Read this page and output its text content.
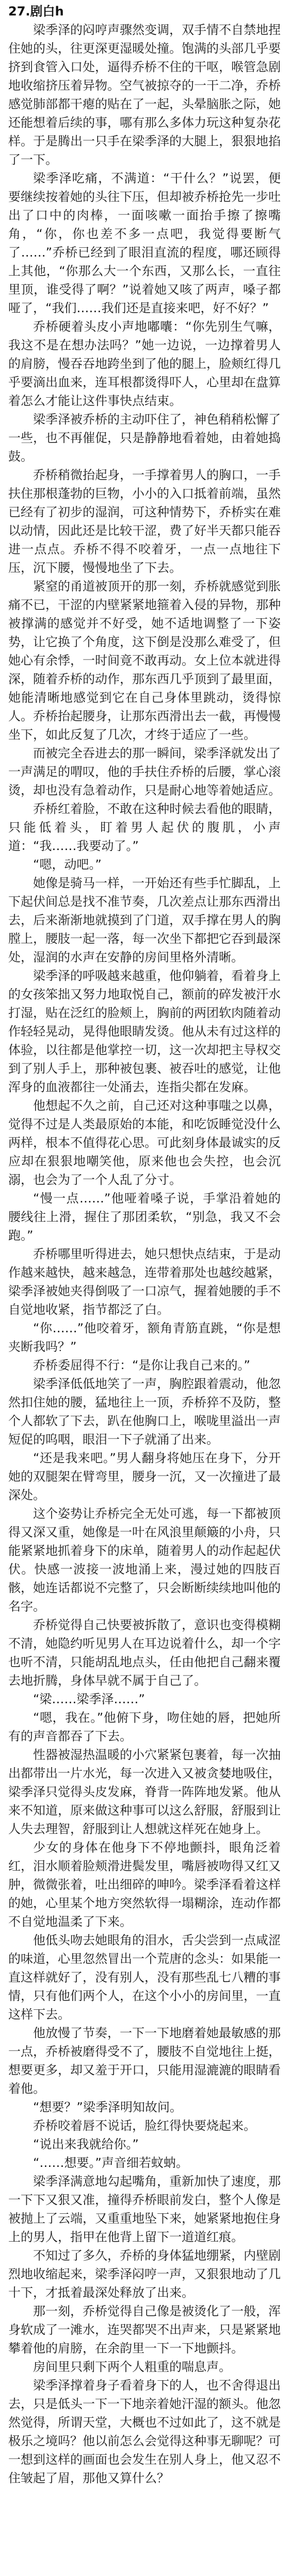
27.剧白h

梁季泽的闷哼声骤然变调，双手情不自禁地捏住她的头，往更深更湿暖处撞。饱满的头部几乎要挤到食管入口处，逼得乔桥不住的干呕，喉管急剧地收缩挤压着异物。空气被掠夺的一干二净，乔桥感觉肺部都干瘪的贴在了一起，头晕脑胀之际，她还能想着后续的事，哪有那么多体力玩这种复杂花样。于是腾出一只手在梁季泽的大腿上，狠狠地掐了一下。

梁季泽吃痛，不满道：“干什么？”说罢，便要继续按着她的头往下压，但却被乔桥抢先一步吐出了口中的肉棒，一面咳嗽一面抬手擦了擦嘴角，“你，你也差不多一点吧，我觉得要断气了……”乔桥已经到了眼泪直流的程度，哪还顾得上其他，“你那么大一个东西，又那么长，一直往里顶，谁受得了啊？”说着她又咳了两声，嗓子都哑了，“我们……我们还是直接来吧，好不好？”

乔桥硬着头皮小声地嘟囔：“你先别生气嘛，我这不是在想办法吗？”她一边说，一边撑着男人的肩膀，慢吞吞地跨坐到了他的腿上，脸颊红得几乎要滴出血来，连耳根都烫得吓人，心里却在盘算着怎么才能让这件事快点结束。

梁季泽被乔桥的主动吓住了，神色稍稍松懈了一些，也不再催促，只是静静地看着她，由着她捣鼓。

乔桥稍微抬起身，一手撑着男人的胸口，一手扶住那根蓬勃的巨物，小小的入口抵着前端，虽然已经有了初步的湿润，可这种情势下，乔桥实在难以动情，因此还是比较干涩，费了好半天都只能吞进一点点。乔桥不得不咬着牙，一点一点地往下压，沉下腰，慢慢地坐了下去。

紧窒的甬道被顶开的那一刻，乔桥就感觉到胀痛不已，干涩的内壁紧紧地箍着入侵的异物，那种被撑满的感觉并不好受，她不适地调整了一下姿势，让它换了个角度，这下倒是没那么难受了，但她心有余悸，一时间竟不敢再动。女上位本就进得深，随着乔桥的动作，那东西几乎顶到了最里面，她能清晰地感觉到它在自己身体里跳动，烫得惊人。乔桥抬起腰身，让那东西滑出去一截，再慢慢坐下，如此反复了几次，才终于适应了一些。

而被完全吞进去的那一瞬间，梁季泽就发出了一声满足的喟叹，他的手扶住乔桥的后腰，掌心滚烫，却也没有急着动作，只是耐心地等着她适应。

乔桥红着脸，不敢在这种时候去看他的眼睛，只能低着头，盯着男人起伏的腹肌，小声道：“我……我要动了。”

“嗯，动吧。”

她像是骑马一样，一开始还有些手忙脚乱，上下起伏间总是找不准节奏，几次差点让那东西滑出去，后来渐渐地就摸到了门道，双手撑在男人的胸膛上，腰肢一起一落，每一次坐下都把它吞到最深处，湿润的水声在安静的房间里格外清晰。

梁季泽的呼吸越来越重，他仰躺着，看着身上的女孩笨拙又努力地取悦自己，额前的碎发被汗水打湿，贴在泛红的脸颊上，胸前的两团软肉随着动作轻轻晃动，晃得他眼睛发烫。他从未有过这样的体验，以往都是他掌控一切，这一次却把主导权交到了别人手上，那种被包裹、被吞吐的感觉，让他浑身的血液都往一处涌去，连指尖都在发麻。

他想起不久之前，自己还对这种事嗤之以鼻，觉得不过是人类最原始的本能，和吃饭睡觉没什么两样，根本不值得花心思。可此刻身体最诚实的反应却在狠狠地嘲笑他，原来他也会失控，也会沉溺，也会为了一个人乱了分寸。

“慢一点……”他哑着嗓子说，手掌沿着她的腰线往上滑，握住了那团柔软，“别急，我又不会跑。”

乔桥哪里听得进去，她只想快点结束，于是动作越来越快，越来越急，连带着那处也越绞越紧，梁季泽被她夹得倒吸了一口凉气，握着她腰的手不自觉地收紧，指节都泛了白。

“你……”他咬着牙，额角青筋直跳，“你是想夹断我吗？”

乔桥委屈得不行：“是你让我自己来的。”

梁季泽低低地笑了一声，胸腔跟着震动，他忽然扣住她的腰，猛地往上一顶，乔桥猝不及防，整个人都软了下去，趴在他胸口上，喉咙里溢出一声短促的呜咽，眼泪一下子就涌了出来。

“还是我来吧。”男人翻身将她压在身下，分开她的双腿架在臂弯里，腰身一沉，又一次撞进了最深处。

这个姿势让乔桥完全无处可逃，每一下都被顶得又深又重，她像是一叶在风浪里颠簸的小舟，只能紧紧地抓着身下的床单，随着男人的动作起起伏伏。快感一波接一波地涌上来，漫过她的四肢百骸，她连话都说不完整了，只会断断续续地叫他的名字。

乔桥觉得自己快要被拆散了，意识也变得模糊不清，她隐约听见男人在耳边说着什么，却一个字也听不清，只能胡乱地点头，任由他把自己翻来覆去地折腾，身体早就不属于自己了。

“梁……梁季泽……”

“嗯，我在。”他俯下身，吻住她的唇，把她所有的声音都吞了下去。

性器被湿热温暖的小穴紧紧包裹着，每一次抽出都带出一片水光，每一次进入又被贪婪地吸住，梁季泽只觉得头皮发麻，脊背一阵阵地发紧。他从来不知道，原来做这种事可以这么舒服，舒服到让人失去理智，舒服到让人想就这样死在她身上。

少女的身体在他身下不停地颤抖，眼角泛着红，泪水顺着脸颊滑进鬓发里，嘴唇被吻得又红又肿，微微张着，吐出细碎的呻吟。梁季泽看着这样的她，心里某个地方突然软得一塌糊涂，连动作都不自觉地温柔了下来。

他低头吻去她眼角的泪水，舌尖尝到一点咸涩的味道，心里忽然冒出一个荒唐的念头：如果能一直这样就好了，没有别人，没有那些乱七八糟的事情，只有他们两个人，在这个小小的房间里，一直这样下去。

他放慢了节奏，一下一下地磨着她最敏感的那一点，乔桥被磨得受不了，腰肢不自觉地往上挺，想要更多，却又羞于开口，只能用湿漉漉的眼睛看着他。

“想要？”梁季泽明知故问。

乔桥咬着唇不说话，脸红得快要烧起来。

“说出来我就给你。”

“……想要。”声音细若蚊蚋。

梁季泽满意地勾起嘴角，重新加快了速度，那一下下又狠又准，撞得乔桥眼前发白，整个人像是被抛上了云端，又重重地坠下来，她紧紧地抱住身上的男人，指甲在他背上留下一道道红痕。

不知过了多久，乔桥的身体猛地绷紧，内壁剧烈地收缩起来，梁季泽闷哼一声，又狠狠地动了几十下，才抵着最深处释放了出来。

那一刻，乔桥觉得自己像是被烫化了一般，浑身软成了一滩水，连哭都哭不出声来，只是紧紧地攀着他的肩膀，在余韵里一下一下地颤抖。

房间里只剩下两个人粗重的喘息声。

梁季泽撑着身子看着身下的人，也不舍得退出去，只是低头一下一下地亲着她汗湿的额头。他忽然觉得，所谓天堂，大概也不过如此了，这不就是极乐之境吗？他以前怎么会觉得这种事无聊呢？可一想到这样的画面也会发生在别人身上，他又忍不住皱起了眉，那他又算什么？
